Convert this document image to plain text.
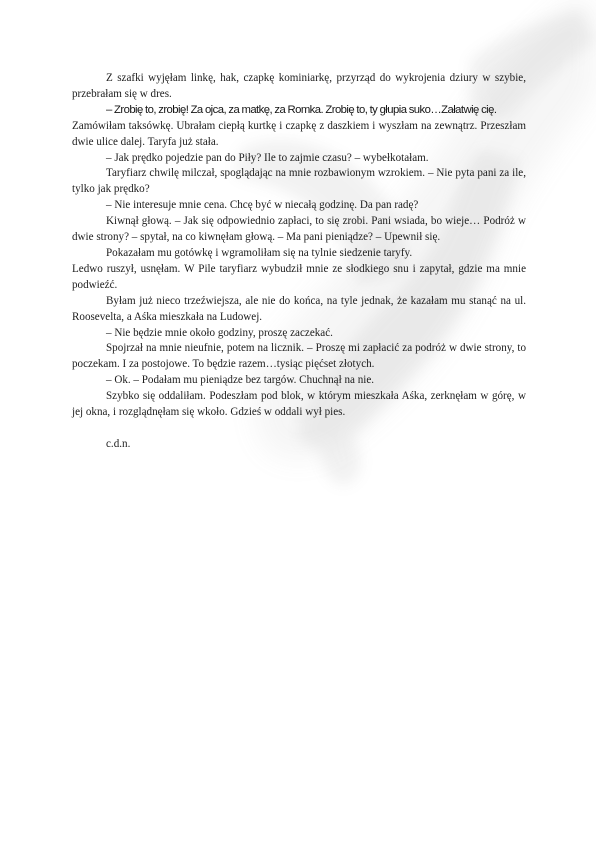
Z szafki wyjęłam linkę, hak, czapkę kominiarkę, przyrząd do wykrojenia dziury w szybie, przebrałam się w dres.

– Zrobię to, zrobię! Za ojca, za matkę, za Romka. Zrobię to, ty głupia suko…Załatwię cię.

Zamówiłam taksówkę. Ubrałam ciepłą kurtkę i czapkę z daszkiem i wyszłam na zewnątrz. Przeszłam dwie ulice dalej. Taryfa już stała.

– Jak prędko pojedzie pan do Piły? Ile to zajmie czasu? – wybełkotałam.

Taryfiarz chwilę milczał, spoglądając na mnie rozbawionym wzrokiem. – Nie pyta pani za ile, tylko jak prędko?

– Nie interesuje mnie cena. Chcę być w niecałą godzinę. Da pan radę?

Kiwnął głową. – Jak się odpowiednio zapłaci, to się zrobi. Pani wsiada, bo wieje… Podróż w dwie strony? – spytał, na co kiwnęłam głową. – Ma pani pieniądze? – Upewnił się.

Pokazałam mu gotówkę i wgramoliłam się na tylnie siedzenie taryfy.

Ledwo ruszył, usnęłam. W Pile taryfiarz wybudził mnie ze słodkiego snu i zapytał, gdzie ma mnie podwieźć.

Byłam już nieco trzeźwiejsza, ale nie do końca, na tyle jednak, że kazałam mu stanąć na ul. Roosevelta, a Aśka mieszkała na Ludowej.

– Nie będzie mnie około godziny, proszę zaczekać.

Spojrzał na mnie nieufnie, potem na licznik. – Proszę mi zapłacić za podróż w dwie strony, to poczekam. I za postojowe. To będzie razem…tysiąc pięćset złotych.

– Ok. – Podałam mu pieniądze bez targów. Chuchnął na nie.

Szybko się oddaliłam. Podeszłam pod blok, w którym mieszkała Aśka, zerknęłam w górę, w jej okna, i rozglądnęłam się wkoło. Gdzieś w oddali wył pies.

c.d.n.
